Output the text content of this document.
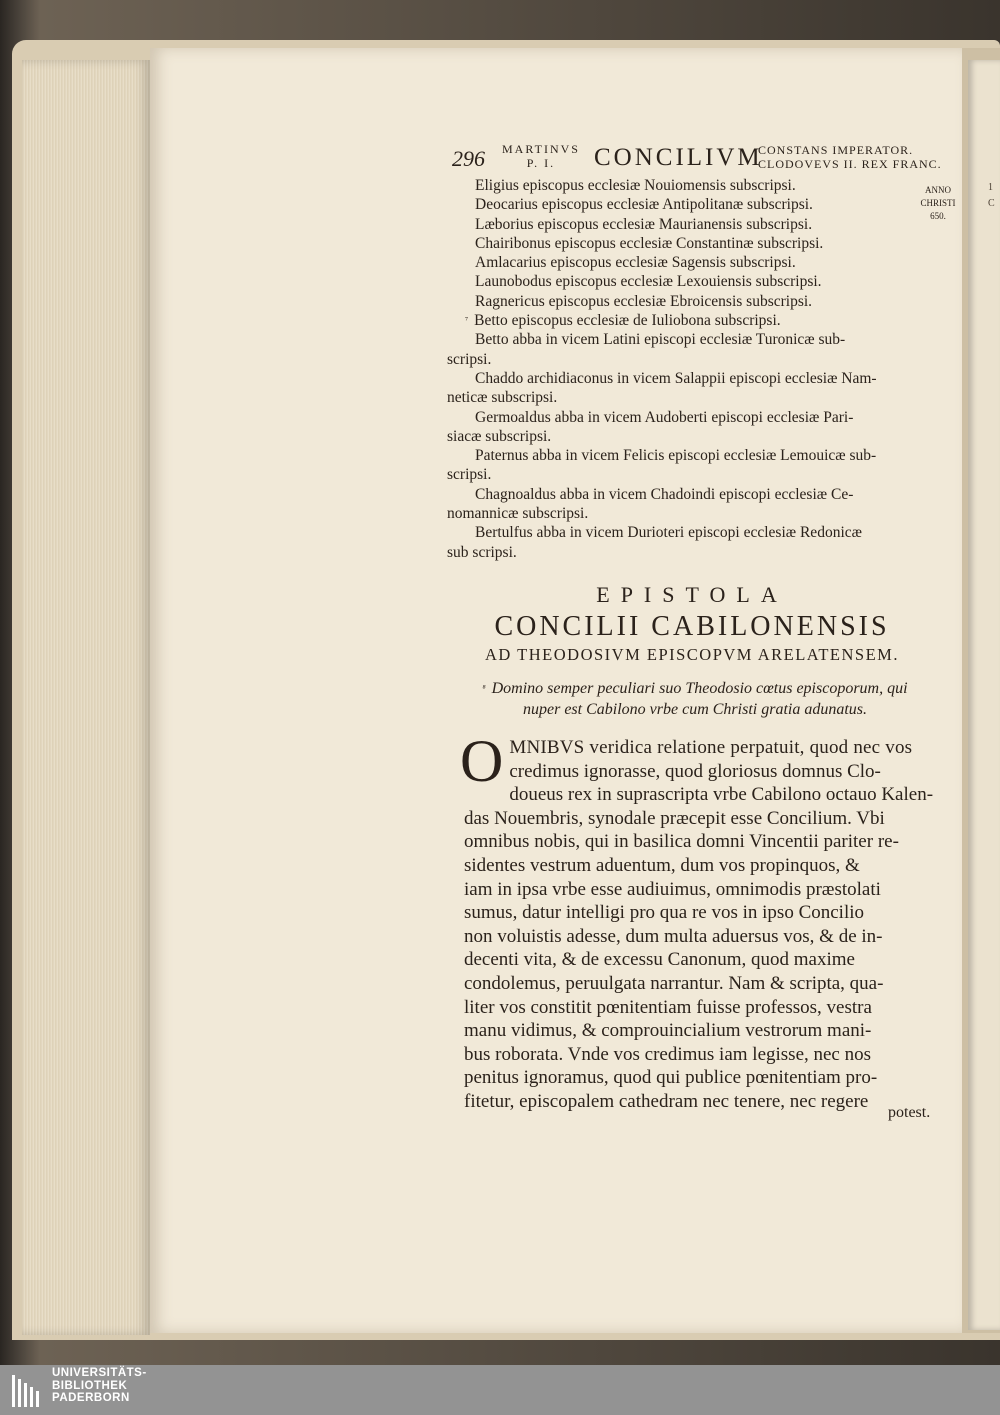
1
C
296 MARTINVS
P. I.	CONCILIVM
CONSTANS IMPERATOR.
CLODOVEVS II. REX FRANC.
ANNO
CHRISTI
650.
Eligius episcopus ecclesiæ Nouiomensis subscripsi.
Deocarius episcopus ecclesiæ Antipolitanæ subscripsi.
Læborius episcopus ecclesiæ Maurianensis subscripsi.
Chairibonus episcopus ecclesiæ Constantinæ subscripsi.
Amlacarius episcopus ecclesiæ Sagensis subscripsi.
Launobodus episcopus ecclesiæ Lexouiensis subscripsi.
Ragnericus episcopus ecclesiæ Ebroicensis subscripsi.
$^{^7}$ Betto episcopus ecclesiæ de Iuliobona subscripsi.
Betto abba in vicem Latini episcopi ecclesiæ Turonicæ sub-
scripsi.
Chaddo archidiaconus in vicem Salappii episcopi ecclesiæ Nam-
neticæ subscripsi.
Germoaldus abba in vicem Audoberti episcopi ecclesiæ Pari-
siacæ subscripsi.
Paternus abba in vicem Felicis episcopi ecclesiæ Lemouicæ sub-
scripsi.
Chagnoaldus abba in vicem Chadoindi episcopi ecclesiæ Ce-
nomannicæ subscripsi.
Bertulfus abba in vicem Durioteri episcopi ecclesiæ Redonicæ
sub scripsi.
EPISTOLA
CONCILII CABILONENSIS
AD THEODOSIVM EPISCOPVM ARELATENSEM.
$^{^8}$ Domino semper peculiari suo Theodosio cœtus episcoporum, qui
nuper est Cabilono vrbe cum Christi gratia adunatus.
O MNIBVS veridica relatione perpatuit, quod nec vos
credimus ignorasse, quod gloriosus domnus Clo-
doueus rex in suprascripta vrbe Cabilono octauo Kalen-
das Nouembris, synodale præcepit esse Concilium. Vbi
omnibus nobis, qui in basilica domni Vincentii pariter re-
sidentes vestrum aduentum, dum vos propinquos, &
iam in ipsa vrbe esse audiuimus, omnimodis præstolati
sumus, datur intelligi pro qua re vos in ipso Concilio
non voluistis adesse, dum multa aduersus vos, & de in-
decenti vita, & de excessu Canonum, quod maxime
condolemus, peruulgata narrantur. Nam & scripta, qua-
liter vos constitit pœnitentiam fuisse professos, vestra
manu vidimus, & comprouincialium vestrorum mani-
bus roborata. Vnde vos credimus iam legisse, nec nos
penitus ignoramus, quod qui publice pœnitentiam pro-
fitetur, episcopalem cathedram nec tenere, nec regere
potest.
UNIVERSITÄTS-
BIBLIOTHEK
PADERBORN
